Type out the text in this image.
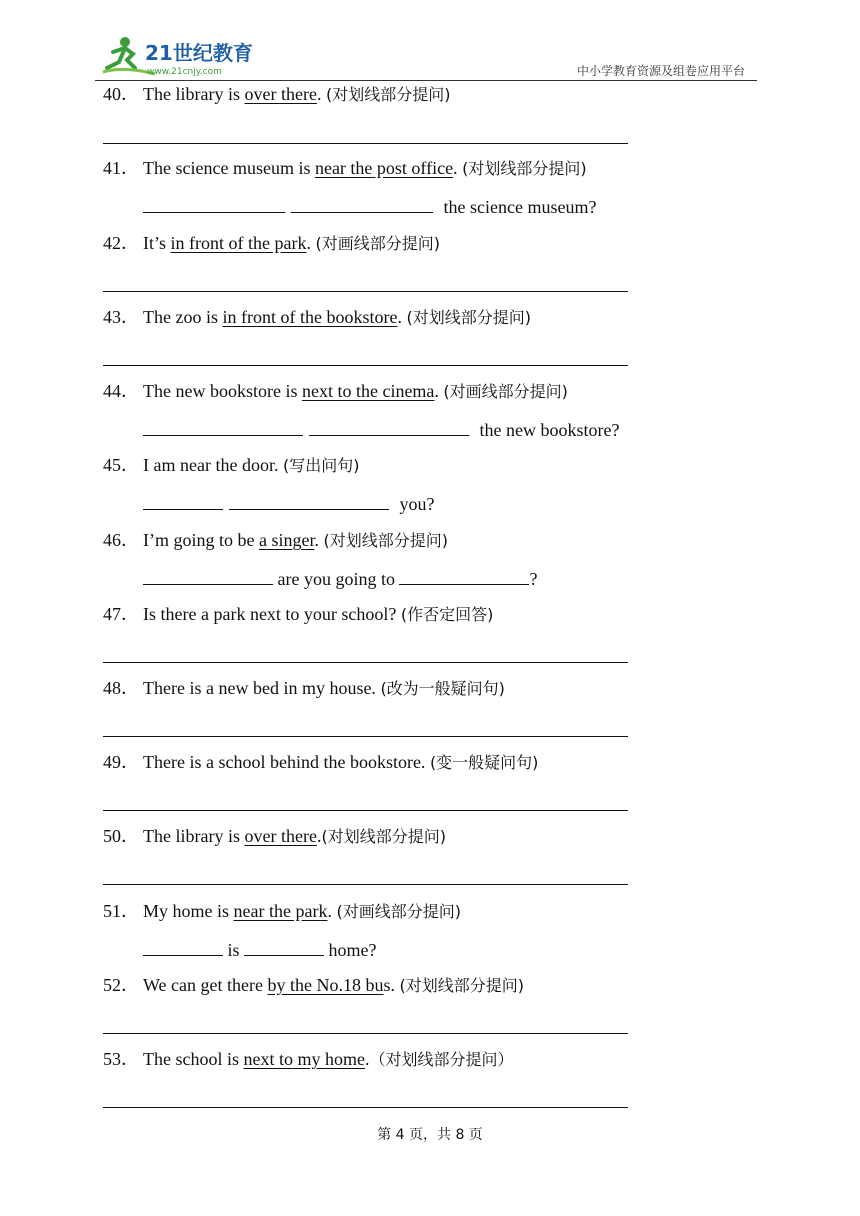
21世纪教育
www.21cnjy.com	中小学教育资源及组卷应用平台
40． The library is over there. (对划线部分提问)
41． The science museum is near the post office. (对划线部分提问)
the science museum?
42． It’s in front of the park. (对画线部分提问)
43． The zoo is in front of the bookstore. (对划线部分提问)
44． The new bookstore is next to the cinema. (对画线部分提问)
the new bookstore?
45． I am near the door. (写出问句)
you?
46． I’m going to be a singer. (对划线部分提问)
are you going to	?
47． Is there a park next to your school? (作否定回答)
48． There is a new bed in my house. (改为一般疑问句)
49． There is a school behind the bookstore. (变一般疑问句)
50． The library is over there.(对划线部分提问)
51． My home is near the park. (对画线部分提问)
is	home?
52． We can get there by the No.18 bus. (对划线部分提问)
53． The school is next to my home.（对划线部分提问）
第 4 页，共 8 页
